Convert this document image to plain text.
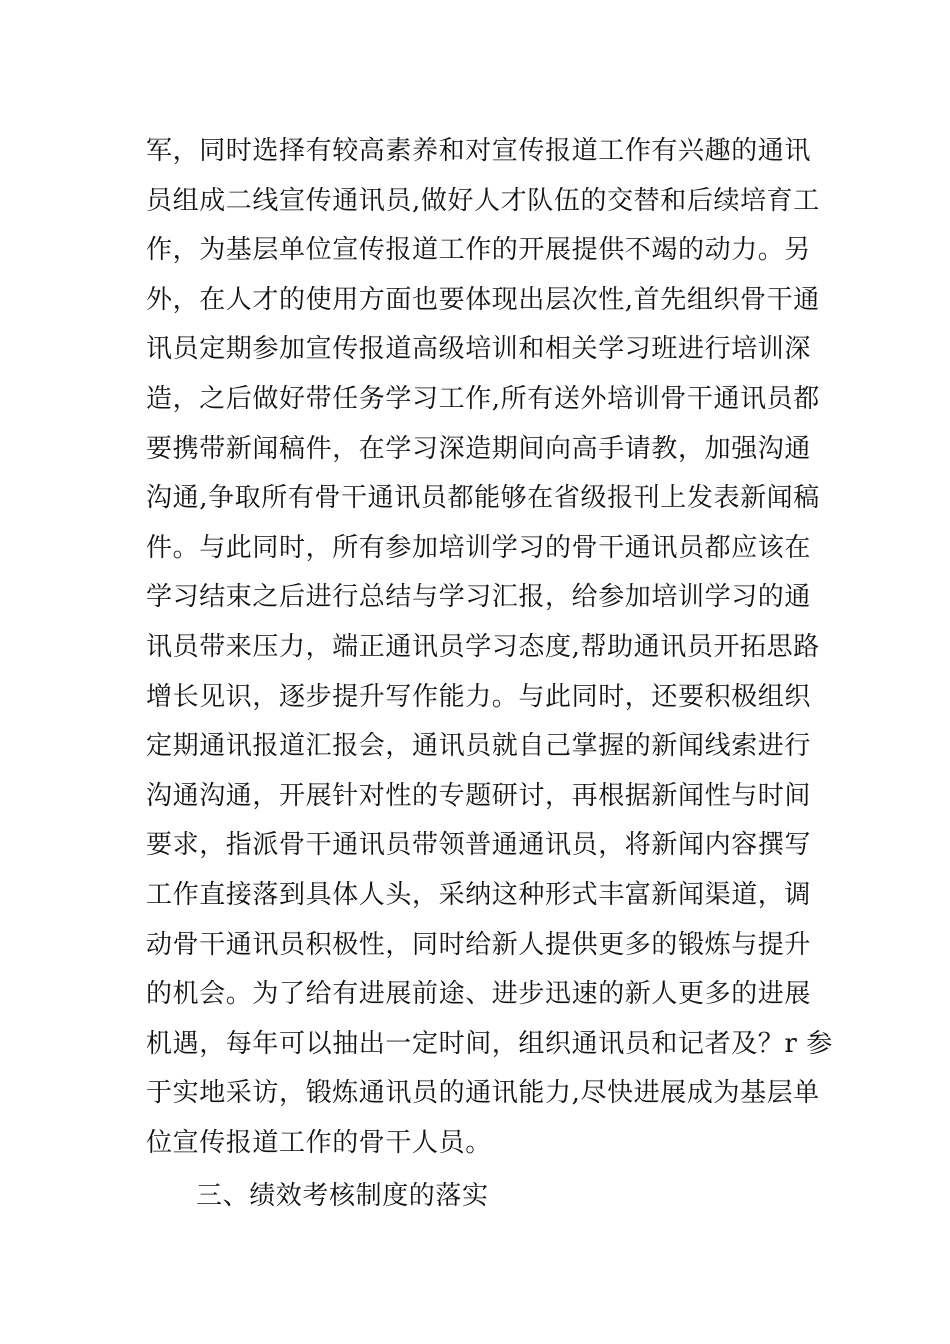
军，同时选择有较高素养和对宣传报道工作有兴趣的通讯
员组成二线宣传通讯员,做好人才队伍的交替和后续培育工
作，为基层单位宣传报道工作的开展提供不竭的动力。另
外，在人才的使用方面也要体现出层次性,首先组织骨干通
讯员定期参加宣传报道高级培训和相关学习班进行培训深
造，之后做好带任务学习工作,所有送外培训骨干通讯员都
要携带新闻稿件，在学习深造期间向高手请教，加强沟通
沟通,争取所有骨干通讯员都能够在省级报刊上发表新闻稿
件。与此同时，所有参加培训学习的骨干通讯员都应该在
学习结束之后进行总结与学习汇报，给参加培训学习的通
讯员带来压力，端正通讯员学习态度,帮助通讯员开拓思路
增长见识，逐步提升写作能力。与此同时，还要积极组织
定期通讯报道汇报会，通讯员就自己掌握的新闻线索进行
沟通沟通，开展针对性的专题研讨，再根据新闻性与时间
要求，指派骨干通讯员带领普通通讯员，将新闻内容撰写
工作直接落到具体人头，采纳这种形式丰富新闻渠道，调
动骨干通讯员积极性，同时给新人提供更多的锻炼与提升
的机会。为了给有进展前途、进步迅速的新人更多的进展
机遇，每年可以抽出一定时间，组织通讯员和记者及？r 参
于实地采访，锻炼通讯员的通讯能力,尽快进展成为基层单
位宣传报道工作的骨干人员。
三、绩效考核制度的落实
